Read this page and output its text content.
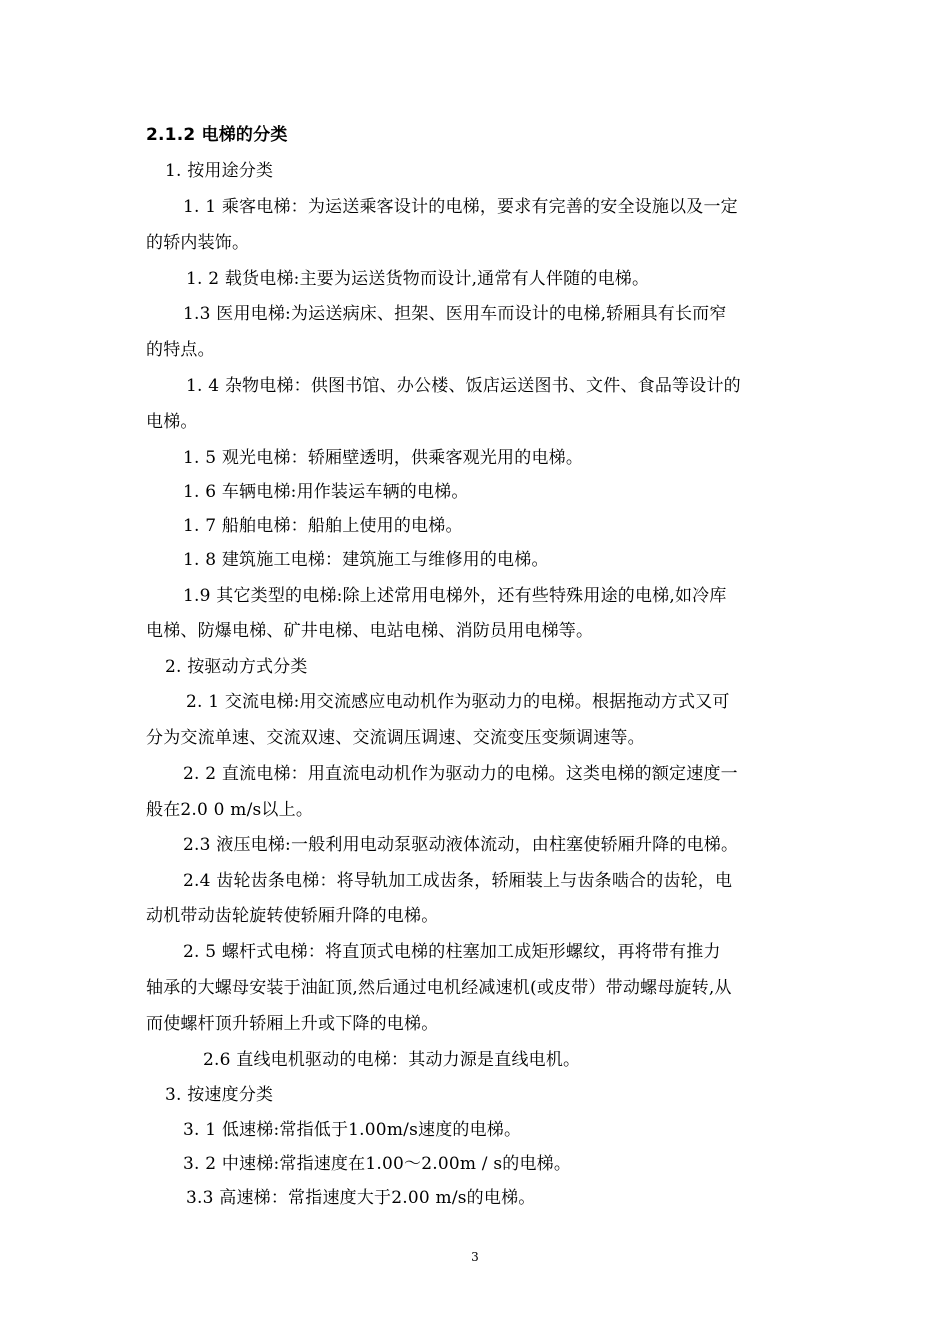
2.1.2 电梯的分类
1. 按用途分类
1. 1 乘客电梯：为运送乘客设计的电梯，要求有完善的安全设施以及一定
的轿内装饰。
1. 2 载货电梯:主要为运送货物而设计,通常有人伴随的电梯。
1.3 医用电梯:为运送病床、担架、医用车而设计的电梯,轿厢具有长而窄
的特点。
1. 4 杂物电梯：供图书馆、办公楼、饭店运送图书、文件、食品等设计的
电梯。
1. 5 观光电梯：轿厢壁透明，供乘客观光用的电梯。
1. 6 车辆电梯:用作装运车辆的电梯。
1. 7 船舶电梯：船舶上使用的电梯。
1. 8 建筑施工电梯：建筑施工与维修用的电梯。
1.9 其它类型的电梯:除上述常用电梯外，还有些特殊用途的电梯,如冷库
电梯、防爆电梯、矿井电梯、电站电梯、消防员用电梯等。
2. 按驱动方式分类
2. 1 交流电梯:用交流感应电动机作为驱动力的电梯。根据拖动方式又可
分为交流单速、交流双速、交流调压调速、交流变压变频调速等。
2. 2 直流电梯：用直流电动机作为驱动力的电梯。这类电梯的额定速度一
般在2.0 0 m/s以上。
2.3 液压电梯:一般利用电动泵驱动液体流动，由柱塞使轿厢升降的电梯。
2.4 齿轮齿条电梯：将导轨加工成齿条，轿厢装上与齿条啮合的齿轮，电
动机带动齿轮旋转使轿厢升降的电梯。
2. 5 螺杆式电梯：将直顶式电梯的柱塞加工成矩形螺纹，再将带有推力
轴承的大螺母安装于油缸顶,然后通过电机经减速机(或皮带）带动螺母旋转,从
而使螺杆顶升轿厢上升或下降的电梯。
2.6 直线电机驱动的电梯：其动力源是直线电机。
3. 按速度分类
3. 1 低速梯:常指低于1.00m/s速度的电梯。
3. 2 中速梯:常指速度在1.00～2.00m / s的电梯。
3.3 高速梯：常指速度大于2.00 m/s的电梯。
3
